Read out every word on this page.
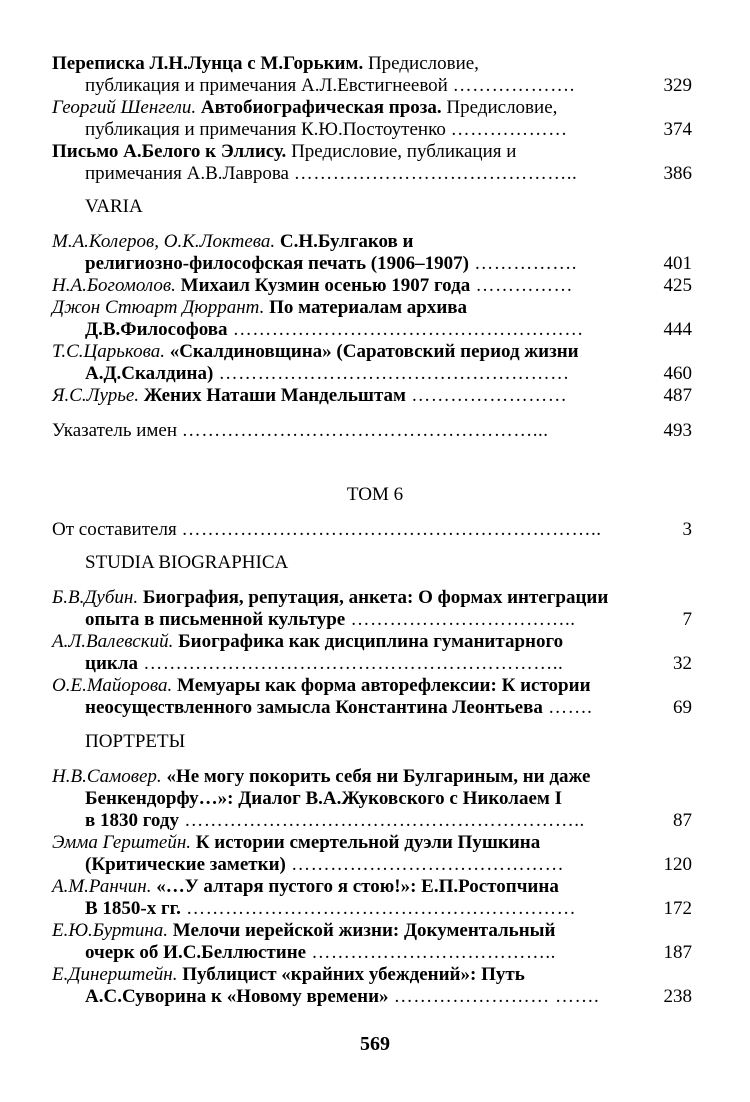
Переписка Л.Н.Лунца с М.Горьким. Предисловие,
публикация и примечания А.Л.Евстигнеевой ……………….	329
Георгий Шенгели. Автобиографическая проза. Предисловие,
публикация и примечания К.Ю.Постоутенко ………………	374
Письмо А.Белого к Эллису. Предисловие, публикация и
примечания А.В.Лаврова ……………………………………..	386
VARIA
М.А.Колеров, О.К.Локтева. С.Н.Булгаков и
религиозно-философская печать (1906–1907) …………….	401
Н.А.Богомолов. Михаил Кузмин осенью 1907 года ……………	425
Джон Стюарт Дюррант. По материалам архива
Д.В.Философова ………………………………………………	444
Т.С.Царькова. «Скалдиновщина» (Саратовский период жизни
А.Д.Скалдина) ………………………………………………	460
Я.С.Лурье. Жених Наташи Мандельштам ……………………	487
Указатель имен ………………………………………………...	493
ТОМ 6
От составителя ………………………………………………………..	3
STUDIA BIOGRAPHICA
Б.В.Дубин. Биография, репутация, анкета: О формах интеграции
опыта в письменной культуре ……………………………..	7
А.Л.Валевский. Биографика как дисциплина гуманитарного
цикла ………………………………………………………..	32
О.Е.Майорова. Мемуары как форма авторефлексии: К истории
неосуществленного замысла Константина Леонтьева …….	69
ПОРТРЕТЫ
Н.В.Самовер. «Не могу покорить себя ни Булгариным, ни даже
Бенкендорфу…»: Диалог В.А.Жуковского с Николаем I
в 1830 году ……………………………………………………..	87
Эмма Герштейн. К истории смертельной дуэли Пушкина
(Критические заметки) ……………………………………	120
А.М.Ранчин. «…У алтаря пустого я стою!»: Е.П.Ростопчина
В 1850-х гг. ……………………………………………………	172
Е.Ю.Буртина. Мелочи иерейской жизни: Документальный
очерк об И.С.Беллюстине ………………………………..	187
Е.Динерштейн. Публицист «крайних убеждений»: Путь
А.С.Суворина к «Новому времени» …………………… …….	238
569
